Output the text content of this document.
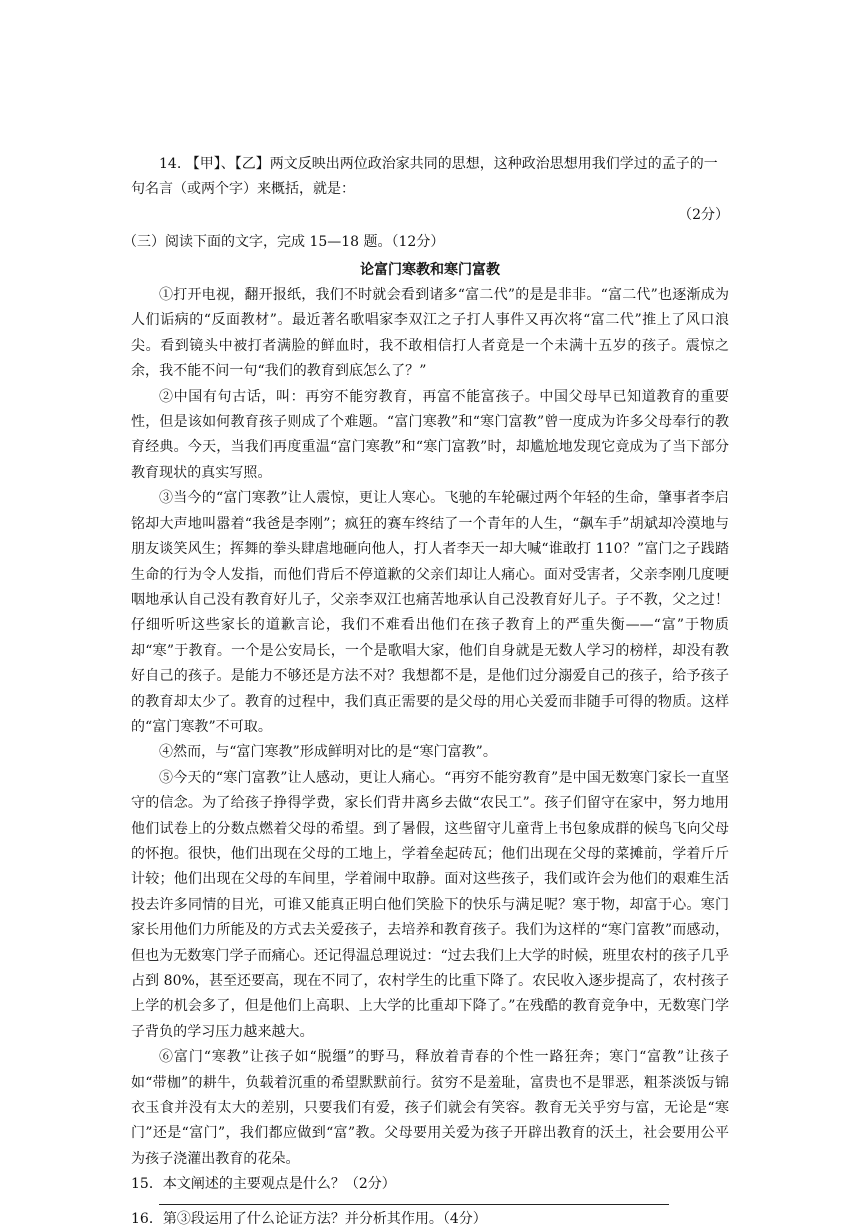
14. 【甲】、【乙】两文反映出两位政治家共同的思想，这种政治思想用我们学过的孟子的一句名言（或两个字）来概括，就是：

（2分）

（三）阅读下面的文字，完成 15—18 题。（12分）

论富门寒教和寒门富教

①打开电视，翻开报纸，我们不时就会看到诸多“富二代”的是是非非。“富二代”也逐渐成为人们诟病的“反面教材”。最近著名歌唱家李双江之子打人事件又再次将“富二代”推上了风口浪尖。看到镜头中被打者满脸的鲜血时，我不敢相信打人者竟是一个未满十五岁的孩子。震惊之余，我不能不问一句“我们的教育到底怎么了？”

②中国有句古话，叫：再穷不能穷教育，再富不能富孩子。中国父母早已知道教育的重要性，但是该如何教育孩子则成了个难题。“富门寒教”和“寒门富教”曾一度成为许多父母奉行的教育经典。今天，当我们再度重温“富门寒教”和“寒门富教”时，却尴尬地发现它竟成为了当下部分教育现状的真实写照。

③当今的“富门寒教”让人震惊，更让人寒心。飞驰的车轮碾过两个年轻的生命，肇事者李启铭却大声地叫嚣着“我爸是李刚”；疯狂的赛车终结了一个青年的人生，“飙车手”胡斌却冷漠地与朋友谈笑风生；挥舞的拳头肆虐地砸向他人，打人者李天一却大喊“谁敢打 110？”富门之子践踏生命的行为令人发指，而他们背后不停道歉的父亲们却让人痛心。面对受害者，父亲李刚几度哽咽地承认自己没有教育好儿子，父亲李双江也痛苦地承认自己没教育好儿子。子不教，父之过！仔细听听这些家长的道歉言论，我们不难看出他们在孩子教育上的严重失衡——“富”于物质却“寒”于教育。一个是公安局长，一个是歌唱大家，他们自身就是无数人学习的榜样，却没有教好自己的孩子。是能力不够还是方法不对？我想都不是，是他们过分溺爱自己的孩子，给予孩子的教育却太少了。教育的过程中，我们真正需要的是父母的用心关爱而非随手可得的物质。这样的“富门寒教”不可取。

④然而，与“富门寒教”形成鲜明对比的是“寒门富教”。

⑤今天的“寒门富教”让人感动，更让人痛心。“再穷不能穷教育”是中国无数寒门家长一直坚守的信念。为了给孩子挣得学费，家长们背井离乡去做“农民工”。孩子们留守在家中，努力地用他们试卷上的分数点燃着父母的希望。到了暑假，这些留守儿童背上书包象成群的候鸟飞向父母的怀抱。很快，他们出现在父母的工地上，学着垒起砖瓦；他们出现在父母的菜摊前，学着斤斤计较；他们出现在父母的车间里，学着闹中取静。面对这些孩子，我们或许会为他们的艰难生活投去许多同情的目光，可谁又能真正明白他们笑脸下的快乐与满足呢？寒于物，却富于心。寒门家长用他们力所能及的方式去关爱孩子，去培养和教育孩子。我们为这样的“寒门富教”而感动，但也为无数寒门学子而痛心。还记得温总理说过：“过去我们上大学的时候，班里农村的孩子几乎占到 80%，甚至还要高，现在不同了，农村学生的比重下降了。农民收入逐步提高了，农村孩子上学的机会多了，但是他们上高职、上大学的比重却下降了。”在残酷的教育竞争中，无数寒门学子背负的学习压力越来越大。

⑥富门“寒教”让孩子如“脱缰”的野马，释放着青春的个性一路狂奔；寒门“富教”让孩子如“带枷”的耕牛，负载着沉重的希望默默前行。贫穷不是羞耻，富贵也不是罪恶，粗茶淡饭与锦衣玉食并没有太大的差别，只要我们有爱，孩子们就会有笑容。教育无关乎穷与富，无论是“寒门”还是“富门”，我们都应做到“富”教。父母要用关爱为孩子开辟出教育的沃土，社会要用公平为孩子浇灌出教育的花朵。

15．本文阐述的主要观点是什么？（2分）

16．第③段运用了什么论证方法？并分析其作用。（4分）
